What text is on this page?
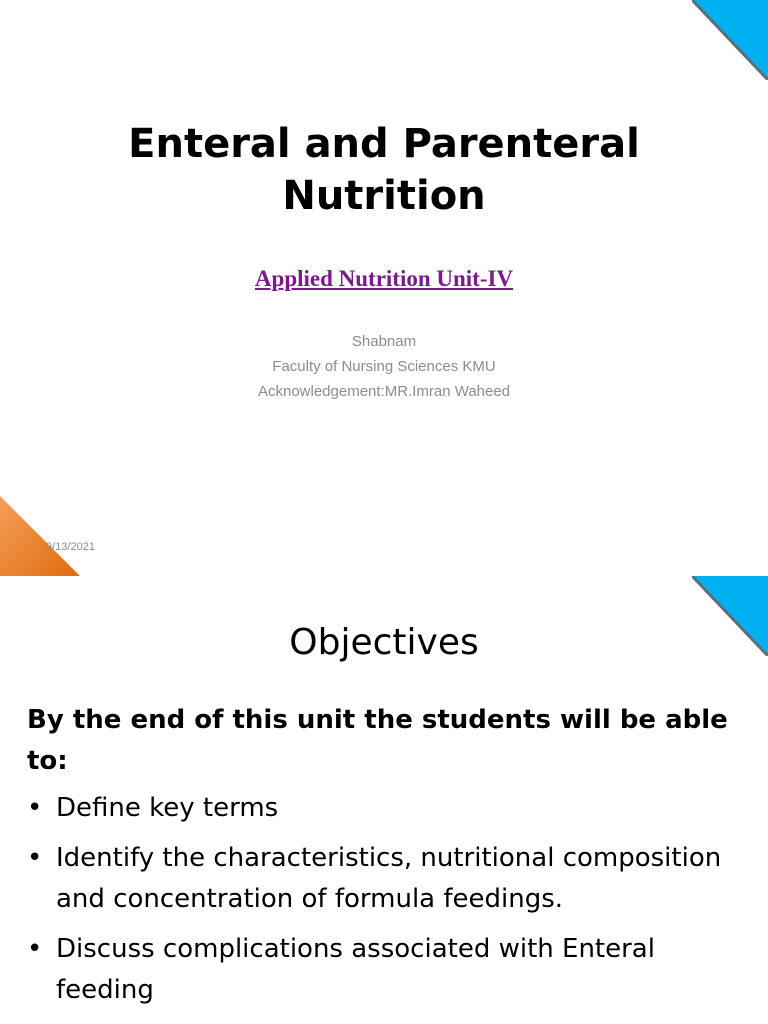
Enteral and Parenteral Nutrition
Applied Nutrition Unit-IV
Shabnam
Faculty of Nursing Sciences KMU
Acknowledgement:MR.Imran Waheed
9/13/2021
Objectives
By the end of this unit the students will be able to:
• Define key terms
• Identify the characteristics, nutritional composition and concentration of formula feedings.
• Discuss complications associated with Enteral feeding
